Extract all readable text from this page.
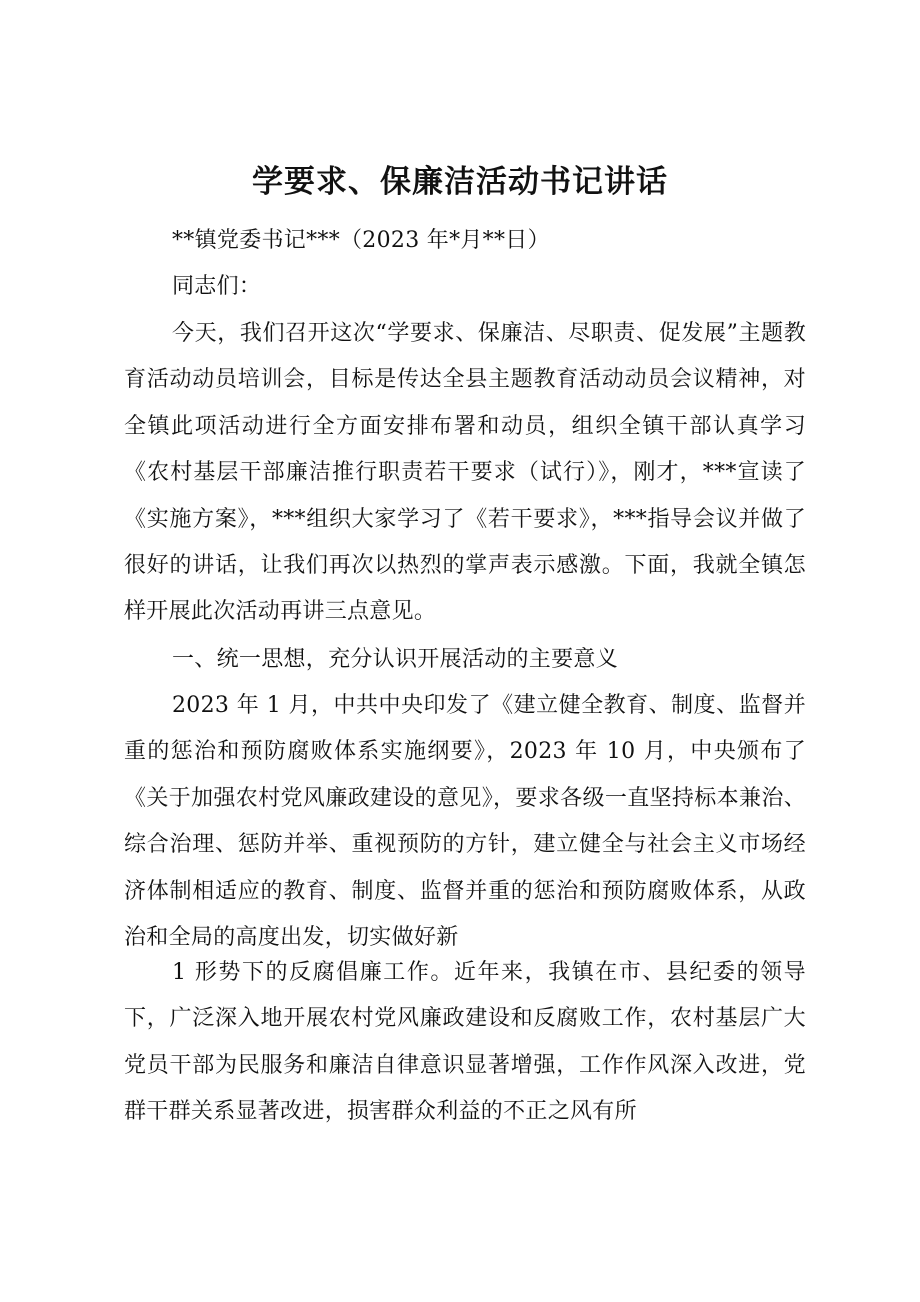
学要求、保廉洁活动书记讲话
**镇党委书记***（2023 年*月**日）
同志们：
今天，我们召开这次“学要求、保廉洁、尽职责、促发展”主题教育活动动员培训会，目标是传达全县主题教育活动动员会议精神，对全镇此项活动进行全方面安排布署和动员，组织全镇干部认真学习《农村基层干部廉洁推行职责若干要求（试行）》，刚才，***宣读了《实施方案》，***组织大家学习了《若干要求》，***指导会议并做了很好的讲话，让我们再次以热烈的掌声表示感激。下面，我就全镇怎样开展此次活动再讲三点意见。
一、统一思想，充分认识开展活动的主要意义
2023 年 1 月，中共中央印发了《建立健全教育、制度、监督并重的惩治和预防腐败体系实施纲要》，2023 年 10 月，中央颁布了《关于加强农村党风廉政建设的意见》，要求各级一直坚持标本兼治、综合治理、惩防并举、重视预防的方针，建立健全与社会主义市场经济体制相适应的教育、制度、监督并重的惩治和预防腐败体系，从政治和全局的高度出发，切实做好新
1 形势下的反腐倡廉工作。近年来，我镇在市、县纪委的领导下，广泛深入地开展农村党风廉政建设和反腐败工作，农村基层广大党员干部为民服务和廉洁自律意识显著增强，工作作风深入改进，党群干群关系显著改进，损害群众利益的不正之风有所
